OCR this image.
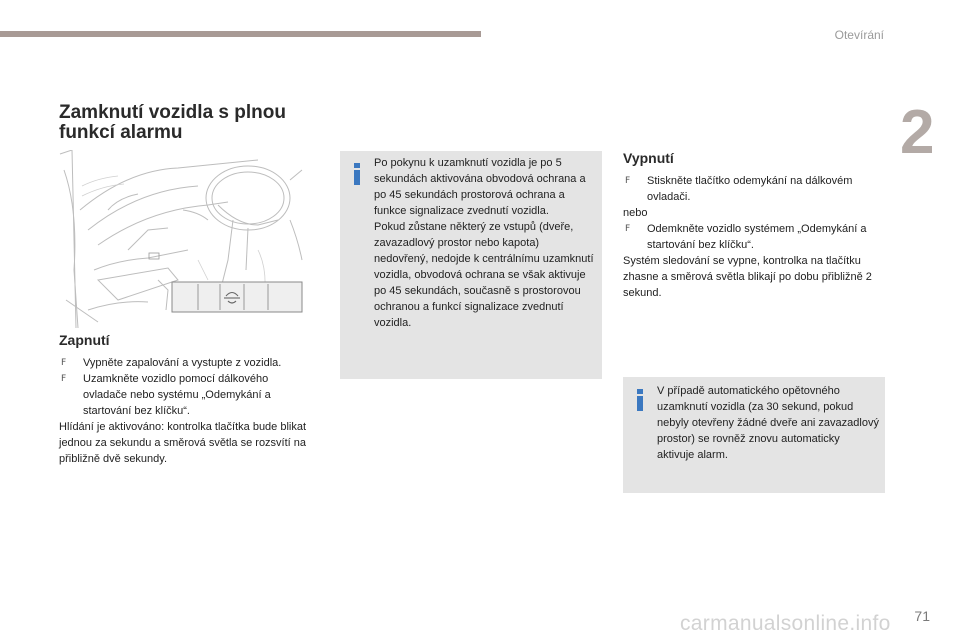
Otevírání
2
Zamknutí vozidla s plnou funkcí alarmu
Zapnutí
F Vypněte zapalování a vystupte z vozidla.
F Uzamkněte vozidlo pomocí dálkového ovladače nebo systému „Odemykání a startování bez klíčku“.
Hlídání je aktivováno: kontrolka tlačítka bude blikat jednou za sekundu a směrová světla se rozsvítí na přibližně dvě sekundy.
Po pokynu k uzamknutí vozidla je po 5 sekundách aktivována obvodová ochrana a po 45 sekundách prostorová ochrana a funkce signalizace zvednutí vozidla.
Pokud zůstane některý ze vstupů (dveře, zavazadlový prostor nebo kapota) nedovřený, nedojde k centrálnímu uzamknutí vozidla, obvodová ochrana se však aktivuje po 45 sekundách, současně s prostorovou ochranou a funkcí signalizace zvednutí vozidla.
Vypnutí
F Stiskněte tlačítko odemykání na dálkovém ovladači.
nebo
F Odemkněte vozidlo systémem „Odemykání a startování bez klíčku“.
Systém sledování se vypne, kontrolka na tlačítku zhasne a směrová světla blikají po dobu přibližně 2 sekund.
V případě automatického opětovného uzamknutí vozidla (za 30 sekund, pokud nebyly otevřeny žádné dveře ani zavazadlový prostor) se rovněž znovu automaticky aktivuje alarm.
carmanualsonline.info 71
